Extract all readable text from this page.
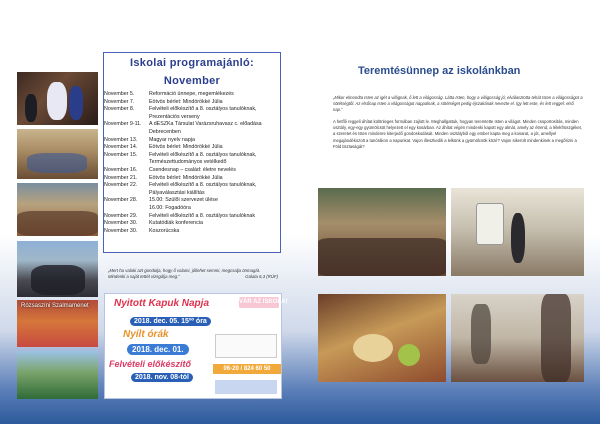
Rózsaszíni Szalmamenet
Iskolai programajánló:
November
November 5.	Reformáció ünnepe, megemlékezés
November 7.	Eötvös bérlet: Mindörökké Júlia
November 8.	Felvételi előkészítő a 8. osztályos tanulóknak, Prezentációs verseny
November 9-11.	A dESZKa Társulat Varázsruhavasz c. előadása Debrecenben
November 13.	Magyar nyelv napja
November 14.	Eötvös bérlet: Mindörökké Júlia
November 15.	Felvételi előkészítő a 8. osztályos tanulóknak, Természettudományos vetélkedő
November 16.	Csendesnap – család: életre nevelés
November 21.	Eötvös bérlet: Mindörökké Júlia
November 22.	Felvételi előkészítő a 8. osztályos tanulóknak, Pályaválasztási kiállítás
November 28.	15.00: Szülői szervezet ülése
16.00: Fogadóórа
November 29.	Felvételi előkészítő a 8. osztályos tanulóknak
November 30.	Kutatódiák konferencia
November 30.	Koszorúcska
„Mert ha valaki azt gondolja, hogy ő valami, jóllehet semmi, megcsalja önmagát. Mindenki a saját tettét vizsgálja meg.”	Galata 6,3 (RÚF)
Nyitott Kapuk Napja	VÁR AZ ISKOLA!
2018. dec. 05. 15ºº óra
Nyílt órák
2018. dec. 01.
06-20 / 824 60 50
Felvételi előkészítő
2018. nov. 08-tól
Teremtésünnep az iskolánkban
„Mikor elmondta Isten az igét a világnak, ő lett a világosság. Látta Isten, hogy a világosság jó; elválasztotta tehát Isten a világosságot a sötétségtől. Az elsőnap Isten a világosságot nappalnak, a sötétséget pedig éjszakának nevezte el. Így lett este, és lett reggel: első nap.”
A hetfői reggeli áhítat különleges formában zajlott le. Meghallgattuk, hogyan teremtette Isten a világot. Minden csoportosítás, minden osztály, egy-egy gyümölcsöt helyezett el egy kosárban. Az áhítat végén mindenki kapott egy almát, amely az étrend, a lélekfrüszgéket, a szeretet és Isten mindenre kiterjedő gondoskodását. Minden osztályból egy ember kapta meg a kosarat, a jót, amellyel megajándékozott a tanórákon a napunkat. Vajon illeszkedik a lelkünk a gyümölcsök közé? Vajon sikerült mindenkinek a megőrizni a Föld tisztaságát?
